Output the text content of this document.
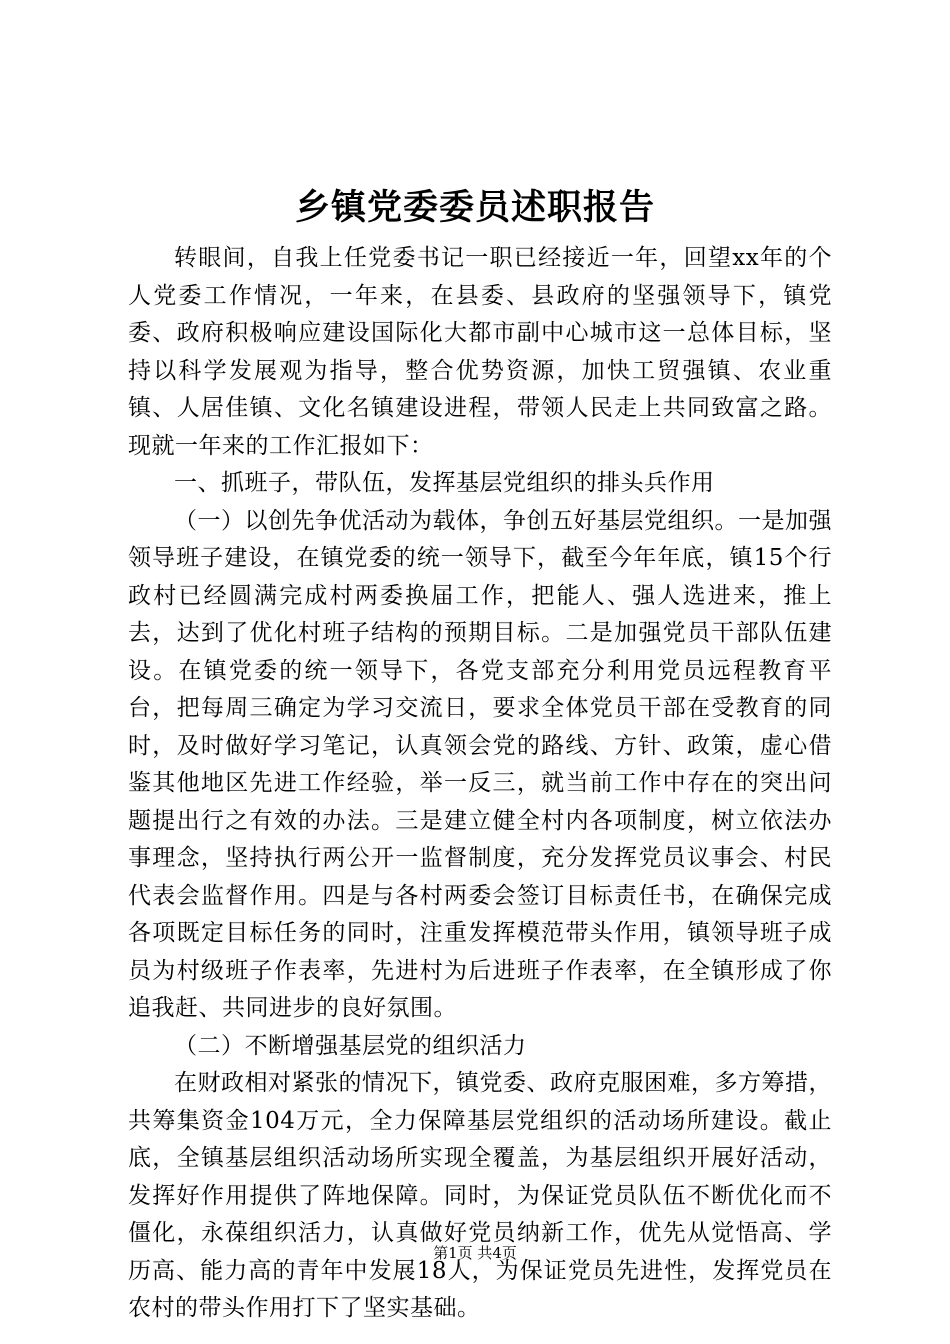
乡镇党委委员述职报告

转眼间，自我上任党委书记一职已经接近一年，回望xx年的个人党委工作情况，一年来，在县委、县政府的坚强领导下，镇党委、政府积极响应建设国际化大都市副中心城市这一总体目标，坚持以科学发展观为指导，整合优势资源，加快工贸强镇、农业重镇、人居佳镇、文化名镇建设进程，带领人民走上共同致富之路。现就一年来的工作汇报如下：

一、抓班子，带队伍，发挥基层党组织的排头兵作用

（一）以创先争优活动为载体，争创五好基层党组织。一是加强领导班子建设，在镇党委的统一领导下，截至今年年底，镇15个行政村已经圆满完成村两委换届工作，把能人、强人选进来，推上去，达到了优化村班子结构的预期目标。二是加强党员干部队伍建设。在镇党委的统一领导下，各党支部充分利用党员远程教育平台，把每周三确定为学习交流日，要求全体党员干部在受教育的同时，及时做好学习笔记，认真领会党的路线、方针、政策，虚心借鉴其他地区先进工作经验，举一反三，就当前工作中存在的突出问题提出行之有效的办法。三是建立健全村内各项制度，树立依法办事理念，坚持执行两公开一监督制度，充分发挥党员议事会、村民代表会监督作用。四是与各村两委会签订目标责任书，在确保完成各项既定目标任务的同时，注重发挥模范带头作用，镇领导班子成员为村级班子作表率，先进村为后进班子作表率，在全镇形成了你追我赶、共同进步的良好氛围。

（二）不断增强基层党的组织活力

在财政相对紧张的情况下，镇党委、政府克服困难，多方筹措，共筹集资金104万元，全力保障基层党组织的活动场所建设。截止底，全镇基层组织活动场所实现全覆盖，为基层组织开展好活动，发挥好作用提供了阵地保障。同时，为保证党员队伍不断优化而不僵化，永葆组织活力，认真做好党员纳新工作，优先从觉悟高、学历高、能力高的青年中发展18人，为保证党员先进性，发挥党员在农村的带头作用打下了坚实基础。

第1页 共4页
